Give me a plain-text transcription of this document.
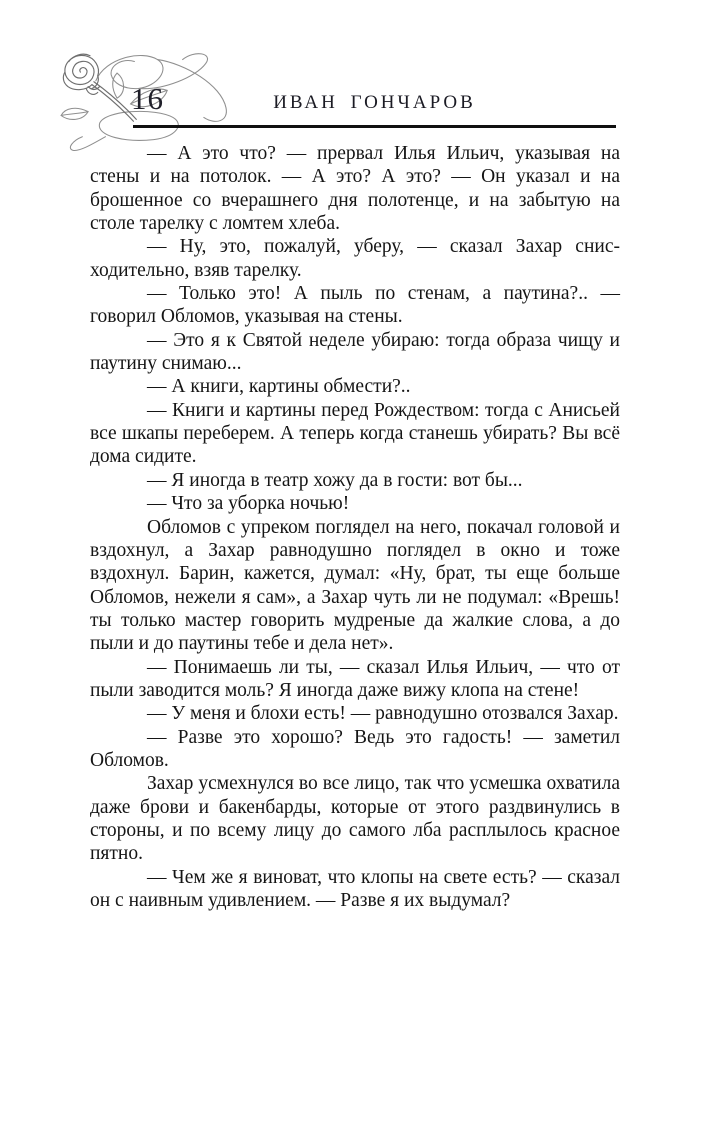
16	ИВАН ГОНЧАРОВ

— А это что? — прервал Илья Ильич, указывая на стены и на потолок. — А это? А это? — Он указал и на брошенное со вчерашнего дня полотенце, и на забытую на столе тарелку с ломтем хлеба.

— Ну, это, пожалуй, уберу, — сказал Захар снисходительно, взяв тарелку.

— Только это! А пыль по стенам, а паутина?.. — говорил Обломов, указывая на стены.

— Это я к Святой неделе убираю: тогда образа чищу и паутину снимаю...

— А книги, картины обмести?..

— Книги и картины перед Рождеством: тогда с Анисьей все шкапы переберем. А теперь когда станешь убирать? Вы всё дома сидите.

— Я иногда в театр хожу да в гости: вот бы...

— Что за уборка ночью!

Обломов с упреком поглядел на него, покачал головой и вздохнул, а Захар равнодушно поглядел в окно и тоже вздохнул. Барин, кажется, думал: «Ну, брат, ты еще больше Обломов, нежели я сам», а Захар чуть ли не подумал: «Врешь! ты только мастер говорить мудреные да жалкие слова, а до пыли и до паутины тебе и дела нет».

— Понимаешь ли ты, — сказал Илья Ильич, — что от пыли заводится моль? Я иногда даже вижу клопа на стене!

— У меня и блохи есть! — равнодушно отозвался Захар.

— Разве это хорошо? Ведь это гадость! — заметил Обломов.

Захар усмехнулся во все лицо, так что усмешка охватила даже брови и бакенбарды, которые от этого раздвинулись в стороны, и по всему лицу до самого лба расплылось красное пятно.

— Чем же я виноват, что клопы на свете есть? — сказал он с наивным удивлением. — Разве я их выдумал?
